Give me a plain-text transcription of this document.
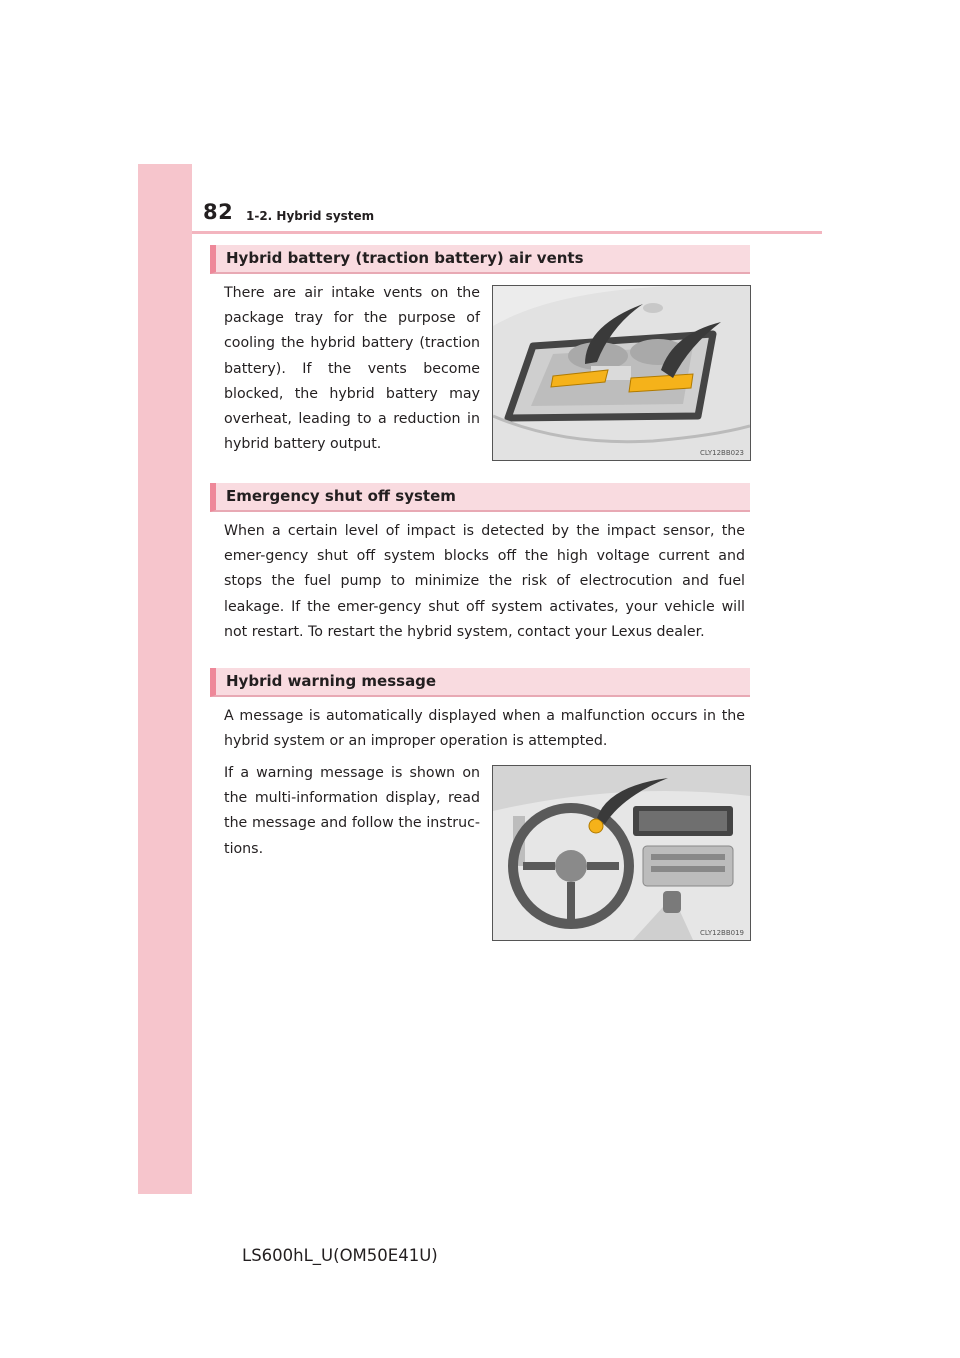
82 1-2. Hybrid system
Hybrid battery (traction battery) air vents

There are air intake vents on the package tray for the purpose of cooling the hybrid battery (traction battery). If the vents become blocked, the hybrid battery may overheat, leading to a reduction in hybrid battery output.

CLY12BB023
Emergency shut off system

When a certain level of impact is detected by the impact sensor, the emer-gency shut off system blocks off the high voltage current and stops the fuel pump to minimize the risk of electrocution and fuel leakage. If the emer-gency shut off system activates, your vehicle will not restart. To restart the hybrid system, contact your Lexus dealer.

Hybrid warning message

A message is automatically displayed when a malfunction occurs in the hybrid system or an improper operation is attempted.

If a warning message is shown on the multi-information display, read the message and follow the instruc-tions.

CLY12BB019
LS600hL_U(OM50E41U)
